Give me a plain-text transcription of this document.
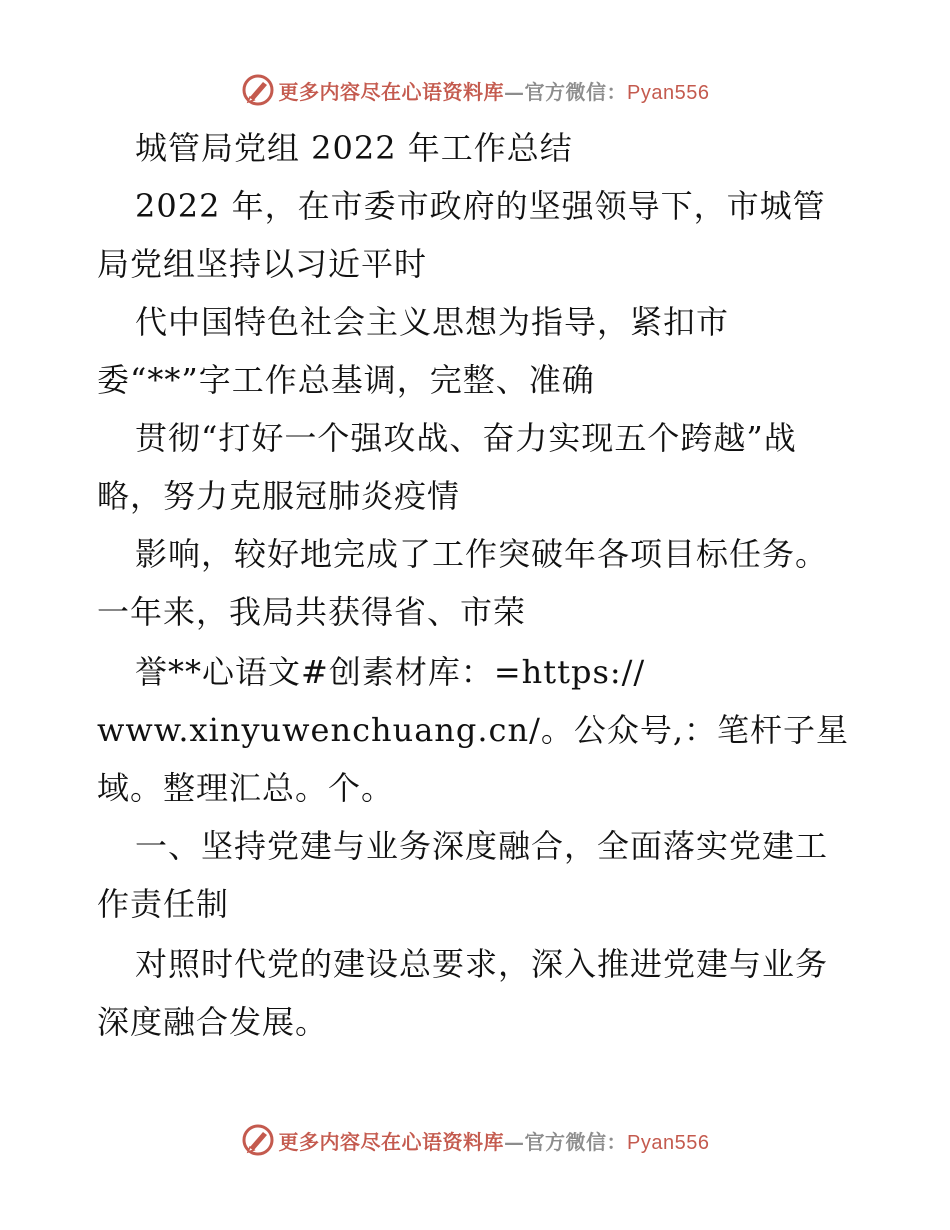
更多内容尽在心语资料库—官方微信：Pyan556
城管局党组 2022 年工作总结
2022 年，在市委市政府的坚强领导下，市城管
局党组坚持以习近平时
代中国特色社会主义思想为指导，紧扣市
委“**”字工作总基调，完整、准确
贯彻“打好一个强攻战、奋力实现五个跨越”战
略，努力克服冠肺炎疫情
影响，较好地完成了工作突破年各项目标任务。
一年来，我局共获得省、市荣
誉**心语文#创素材库：=https://
www.xinyuwenchuang.cn/。公众号,：笔杆子星
域。整理汇总。个。
一、坚持党建与业务深度融合，全面落实党建工
作责任制
对照时代党的建设总要求，深入推进党建与业务
深度融合发展。
更多内容尽在心语资料库—官方微信：Pyan556
